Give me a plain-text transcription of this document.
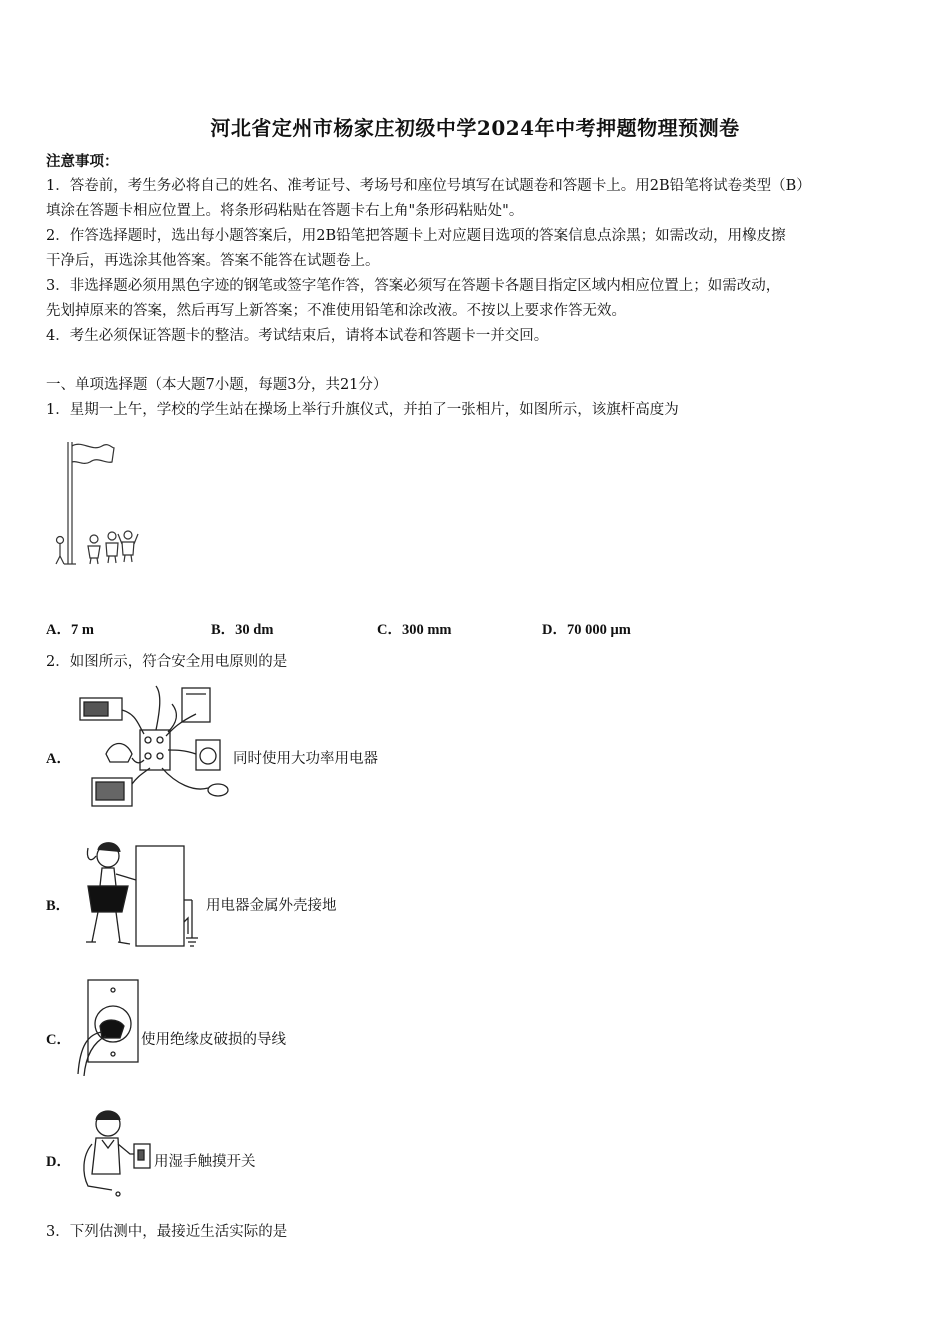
河北省定州市杨家庄初级中学2024年中考押题物理预测卷
注意事项：
1．答卷前，考生务必将自己的姓名、准考证号、考场号和座位号填写在试题卷和答题卡上。用2B铅笔将试卷类型（B）
填涂在答题卡相应位置上。将条形码粘贴在答题卡右上角"条形码粘贴处"。
2．作答选择题时，选出每小题答案后，用2B铅笔把答题卡上对应题目选项的答案信息点涂黑；如需改动，用橡皮擦
干净后，再选涂其他答案。答案不能答在试题卷上。
3．非选择题必须用黑色字迹的钢笔或签字笔作答，答案必须写在答题卡各题目指定区域内相应位置上；如需改动，
先划掉原来的答案，然后再写上新答案；不准使用铅笔和涂改液。不按以上要求作答无效。
4．考生必须保证答题卡的整洁。考试结束后，请将本试卷和答题卡一并交回。
一、单项选择题（本大题7小题，每题3分，共21分）
1．星期一上午，学校的学生站在操场上举行升旗仪式，并拍了一张相片，如图所示，该旗杆高度为
A．7 m	B．30 dm	C．300 mm	D．70 000 μm
2．如图所示，符合安全用电原则的是
A．	同时使用大功率用电器
B．	用电器金属外壳接地
C．	使用绝缘皮破损的导线
D．	用湿手触摸开关
3．下列估测中，最接近生活实际的是
